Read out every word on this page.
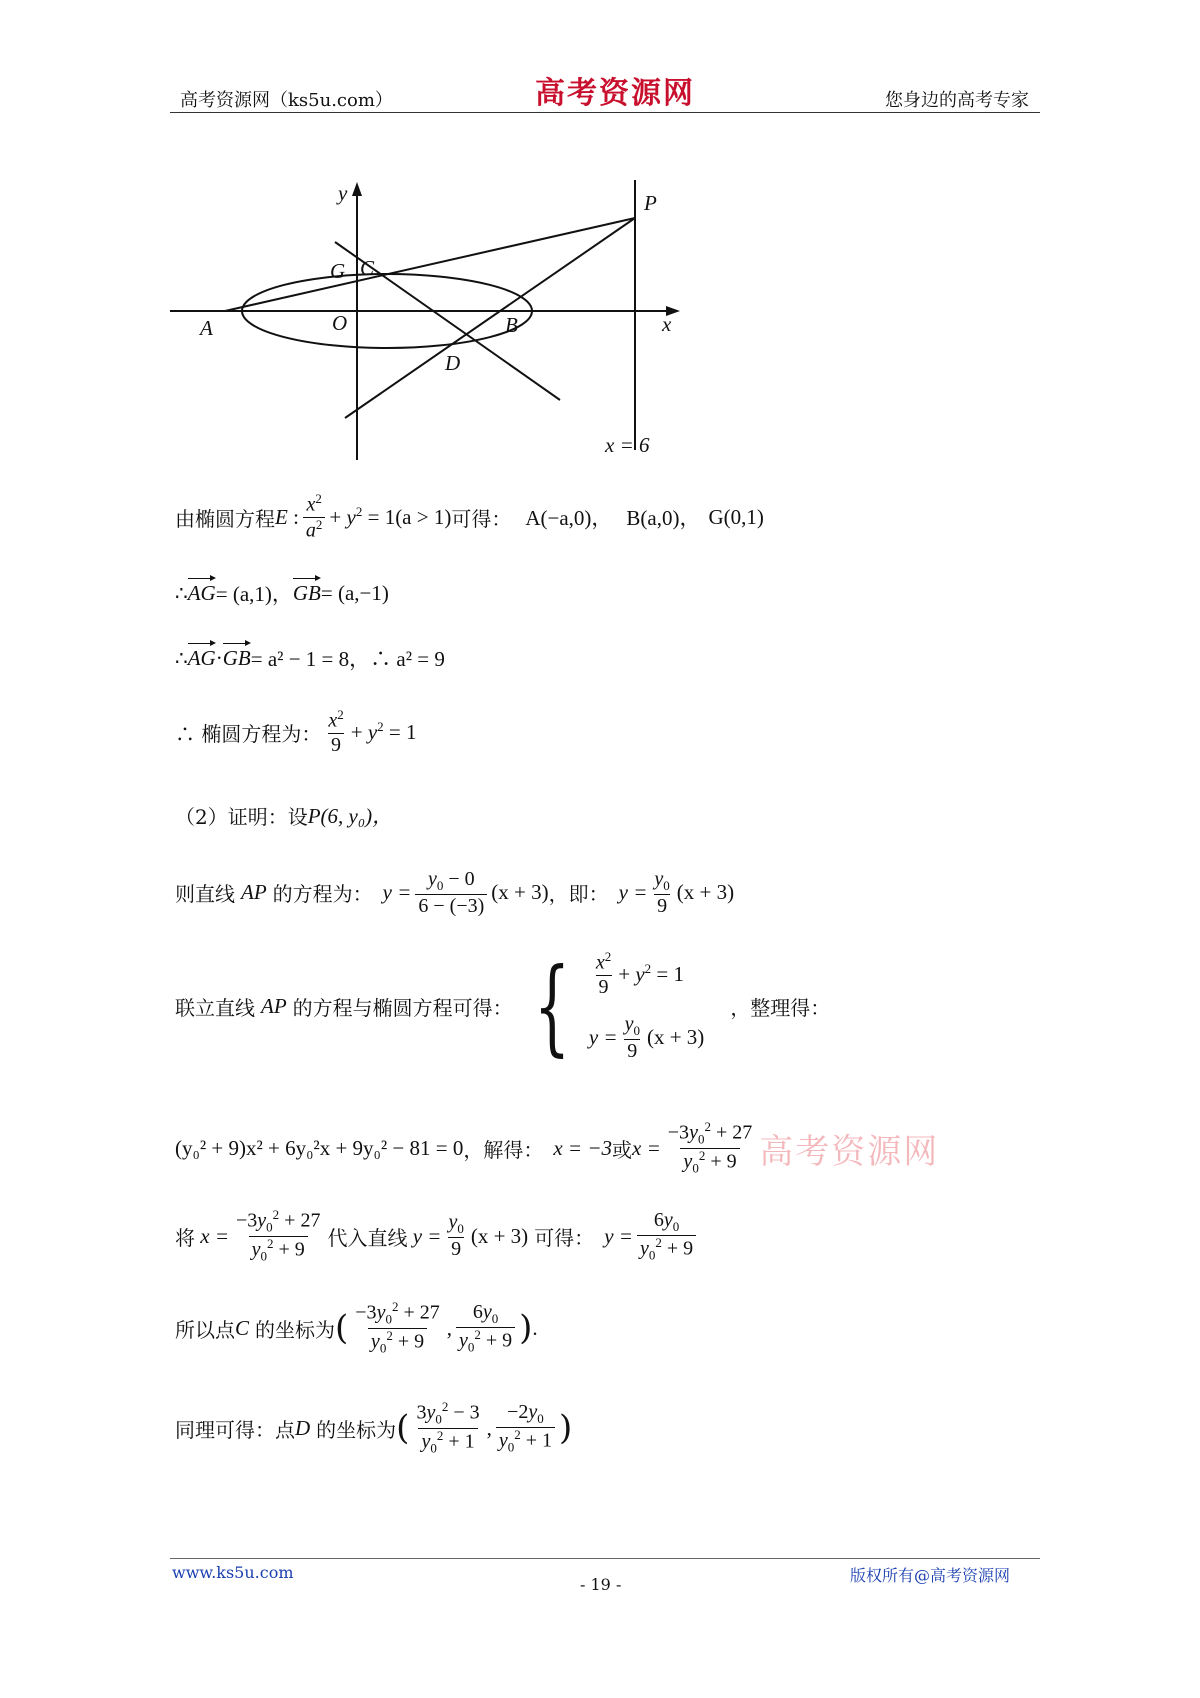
高考资源网（ks5u.com）	高考资源网	您身边的高考专家
y
x
P
G C
A	O	B
D
x = 6
由椭圆方程 E : $\frac{x^2}{a^2} + y^2 = 1(a > 1)$ 可得： A(−a,0)， B(a,0)， G(0,1)
∴ AG = (a,1)， GB = (a,−1)
∴ AG · GB = a² − 1 = 8，∴ a² = 9
∴ 椭圆方程为： $\frac{x^2}{9} + y^2 = 1$
（2）证明：设 P(6, y₀)，
则直线 AP 的方程为： $y = \frac{y_0 - 0}{6 - (-3)} (x + 3)$ ，即： $y = \frac{y_0}{9} (x + 3)$
联立直线 AP 的方程与椭圆方程可得： { $\frac{x^2}{9} + y^2 = 1$
$y = \frac{y_0}{9} (x + 3)$
，整理得：
(y₀² + 9)x² + 6y₀²x + 9y₀² − 81 = 0 ，解得： x = −3 或 $x = \frac{-3y_0^2 + 27}{y_0^2 + 9}$ 高考资源网
将 $x = \frac{-3y_0^2 + 27}{y_0^2 + 9}$ 代入直线 $y = \frac{y_0}{9} (x + 3)$ 可得： $y = \frac{6y_0}{y_0^2 + 9}$
所以点 C 的坐标为 ( $\frac{-3y_0^2 + 27}{y_0^2 + 9}$ , $\frac{6y_0}{y_0^2 + 9}$ ) .
同理可得：点 D 的坐标为 ( $\frac{3y_0^2 - 3}{y_0^2 + 1}$ , $\frac{-2y_0}{y_0^2 + 1}$ )
www.ks5u.com
- 19 -	版权所有@高考资源网
